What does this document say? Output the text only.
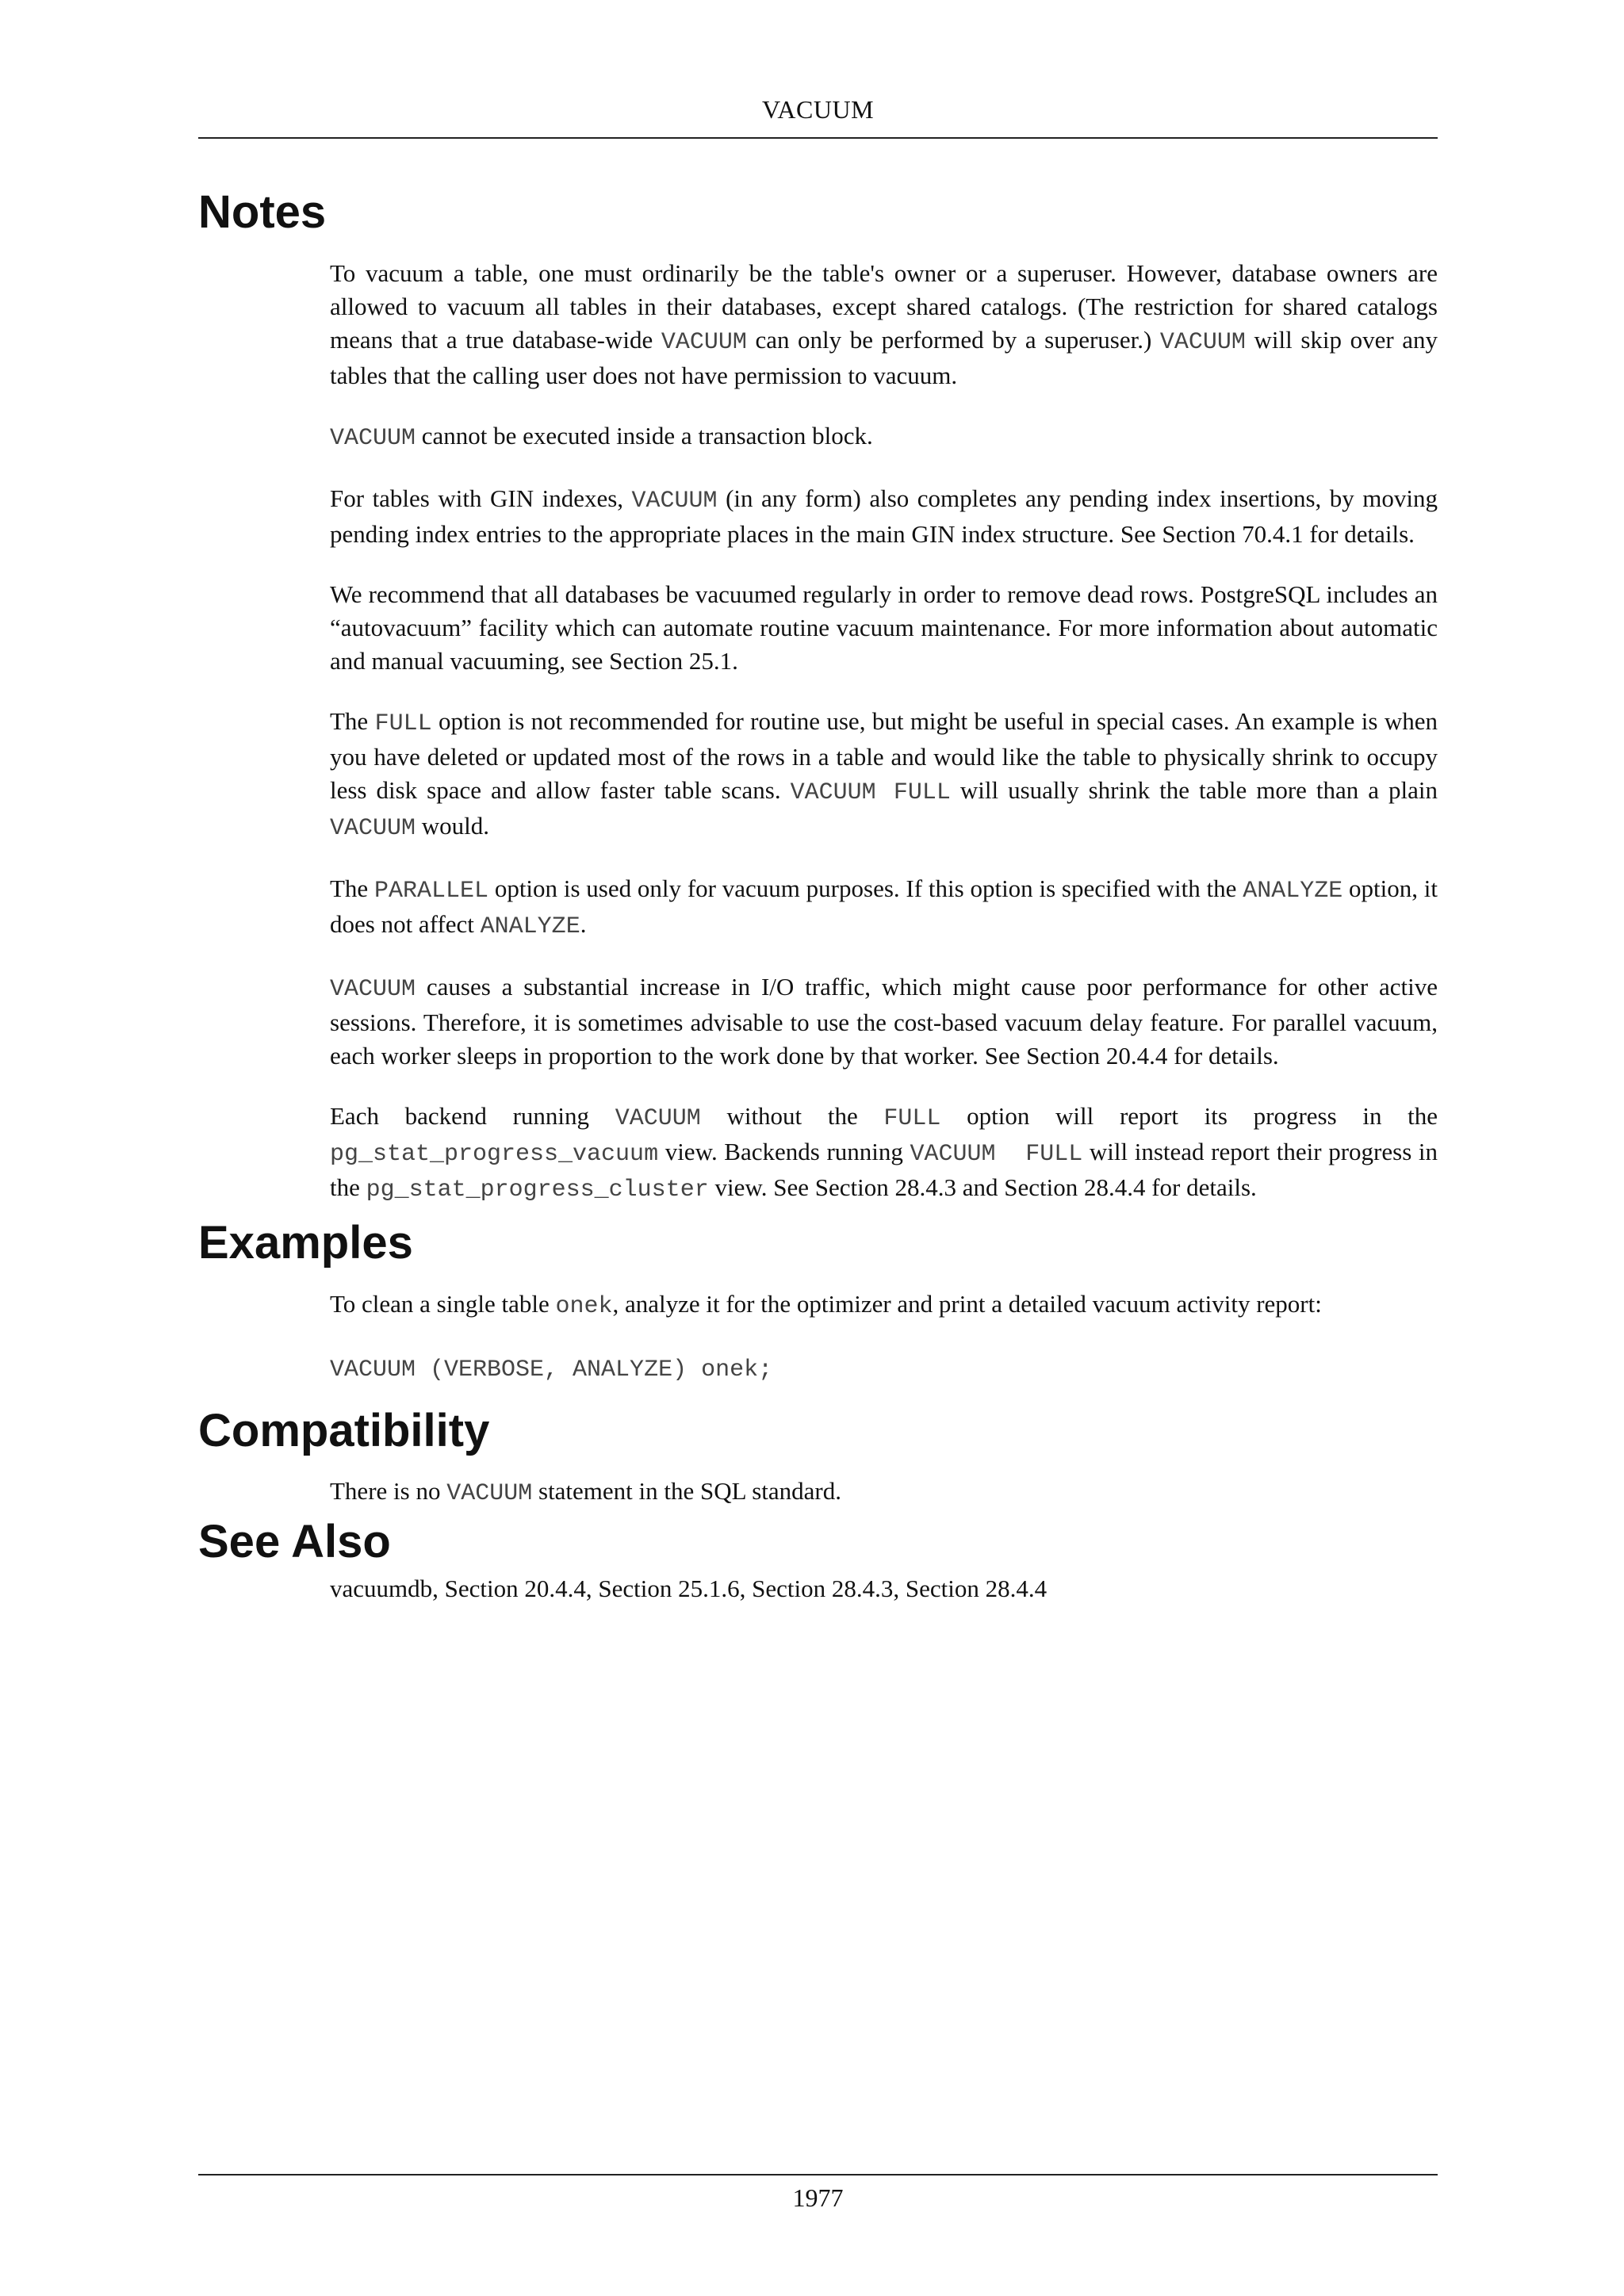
VACUUM
Notes

To vacuum a table, one must ordinarily be the table's owner or a superuser. However, database owners are allowed to vacuum all tables in their databases, except shared catalogs. (The restriction for shared catalogs means that a true database-wide VACUUM can only be performed by a superuser.) VACUUM will skip over any tables that the calling user does not have permission to vacuum.

VACUUM cannot be executed inside a transaction block.

For tables with GIN indexes, VACUUM (in any form) also completes any pending index insertions, by moving pending index entries to the appropriate places in the main GIN index structure. See Section 70.4.1 for details.

We recommend that all databases be vacuumed regularly in order to remove dead rows. PostgreSQL includes an “autovacuum” facility which can automate routine vacuum maintenance. For more information about automatic and manual vacuuming, see Section 25.1.

The FULL option is not recommended for routine use, but might be useful in special cases. An example is when you have deleted or updated most of the rows in a table and would like the table to physically shrink to occupy less disk space and allow faster table scans. VACUUM FULL will usually shrink the table more than a plain VACUUM would.

The PARALLEL option is used only for vacuum purposes. If this option is specified with the ANALYZE option, it does not affect ANALYZE.

VACUUM causes a substantial increase in I/O traffic, which might cause poor performance for other active sessions. Therefore, it is sometimes advisable to use the cost-based vacuum delay feature. For parallel vacuum, each worker sleeps in proportion to the work done by that worker. See Section 20.4.4 for details.

Each backend running VACUUM without the FULL option will report its progress in the pg_stat_progress_vacuum view. Backends running VACUUM  FULL will instead report their progress in the pg_stat_progress_cluster view. See Section 28.4.3 and Section 28.4.4 for details.

Examples

To clean a single table onek, analyze it for the optimizer and print a detailed vacuum activity report:

VACUUM (VERBOSE, ANALYZE) onek;
Compatibility

There is no VACUUM statement in the SQL standard.

See Also

vacuumdb, Section 20.4.4, Section 25.1.6, Section 28.4.3, Section 28.4.4

1977
